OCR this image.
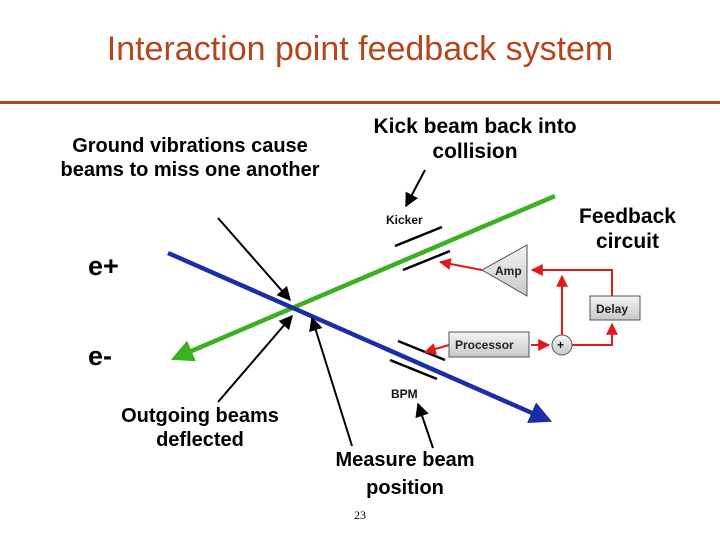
Interaction point feedback system
Kicker
BPM
Amp
Delay
Processor	+
Ground vibrations cause beams to miss one another
Kick beam back into collision
Feedback circuit
e+
e-
Outgoing beams deflected
Measure beam position
23
